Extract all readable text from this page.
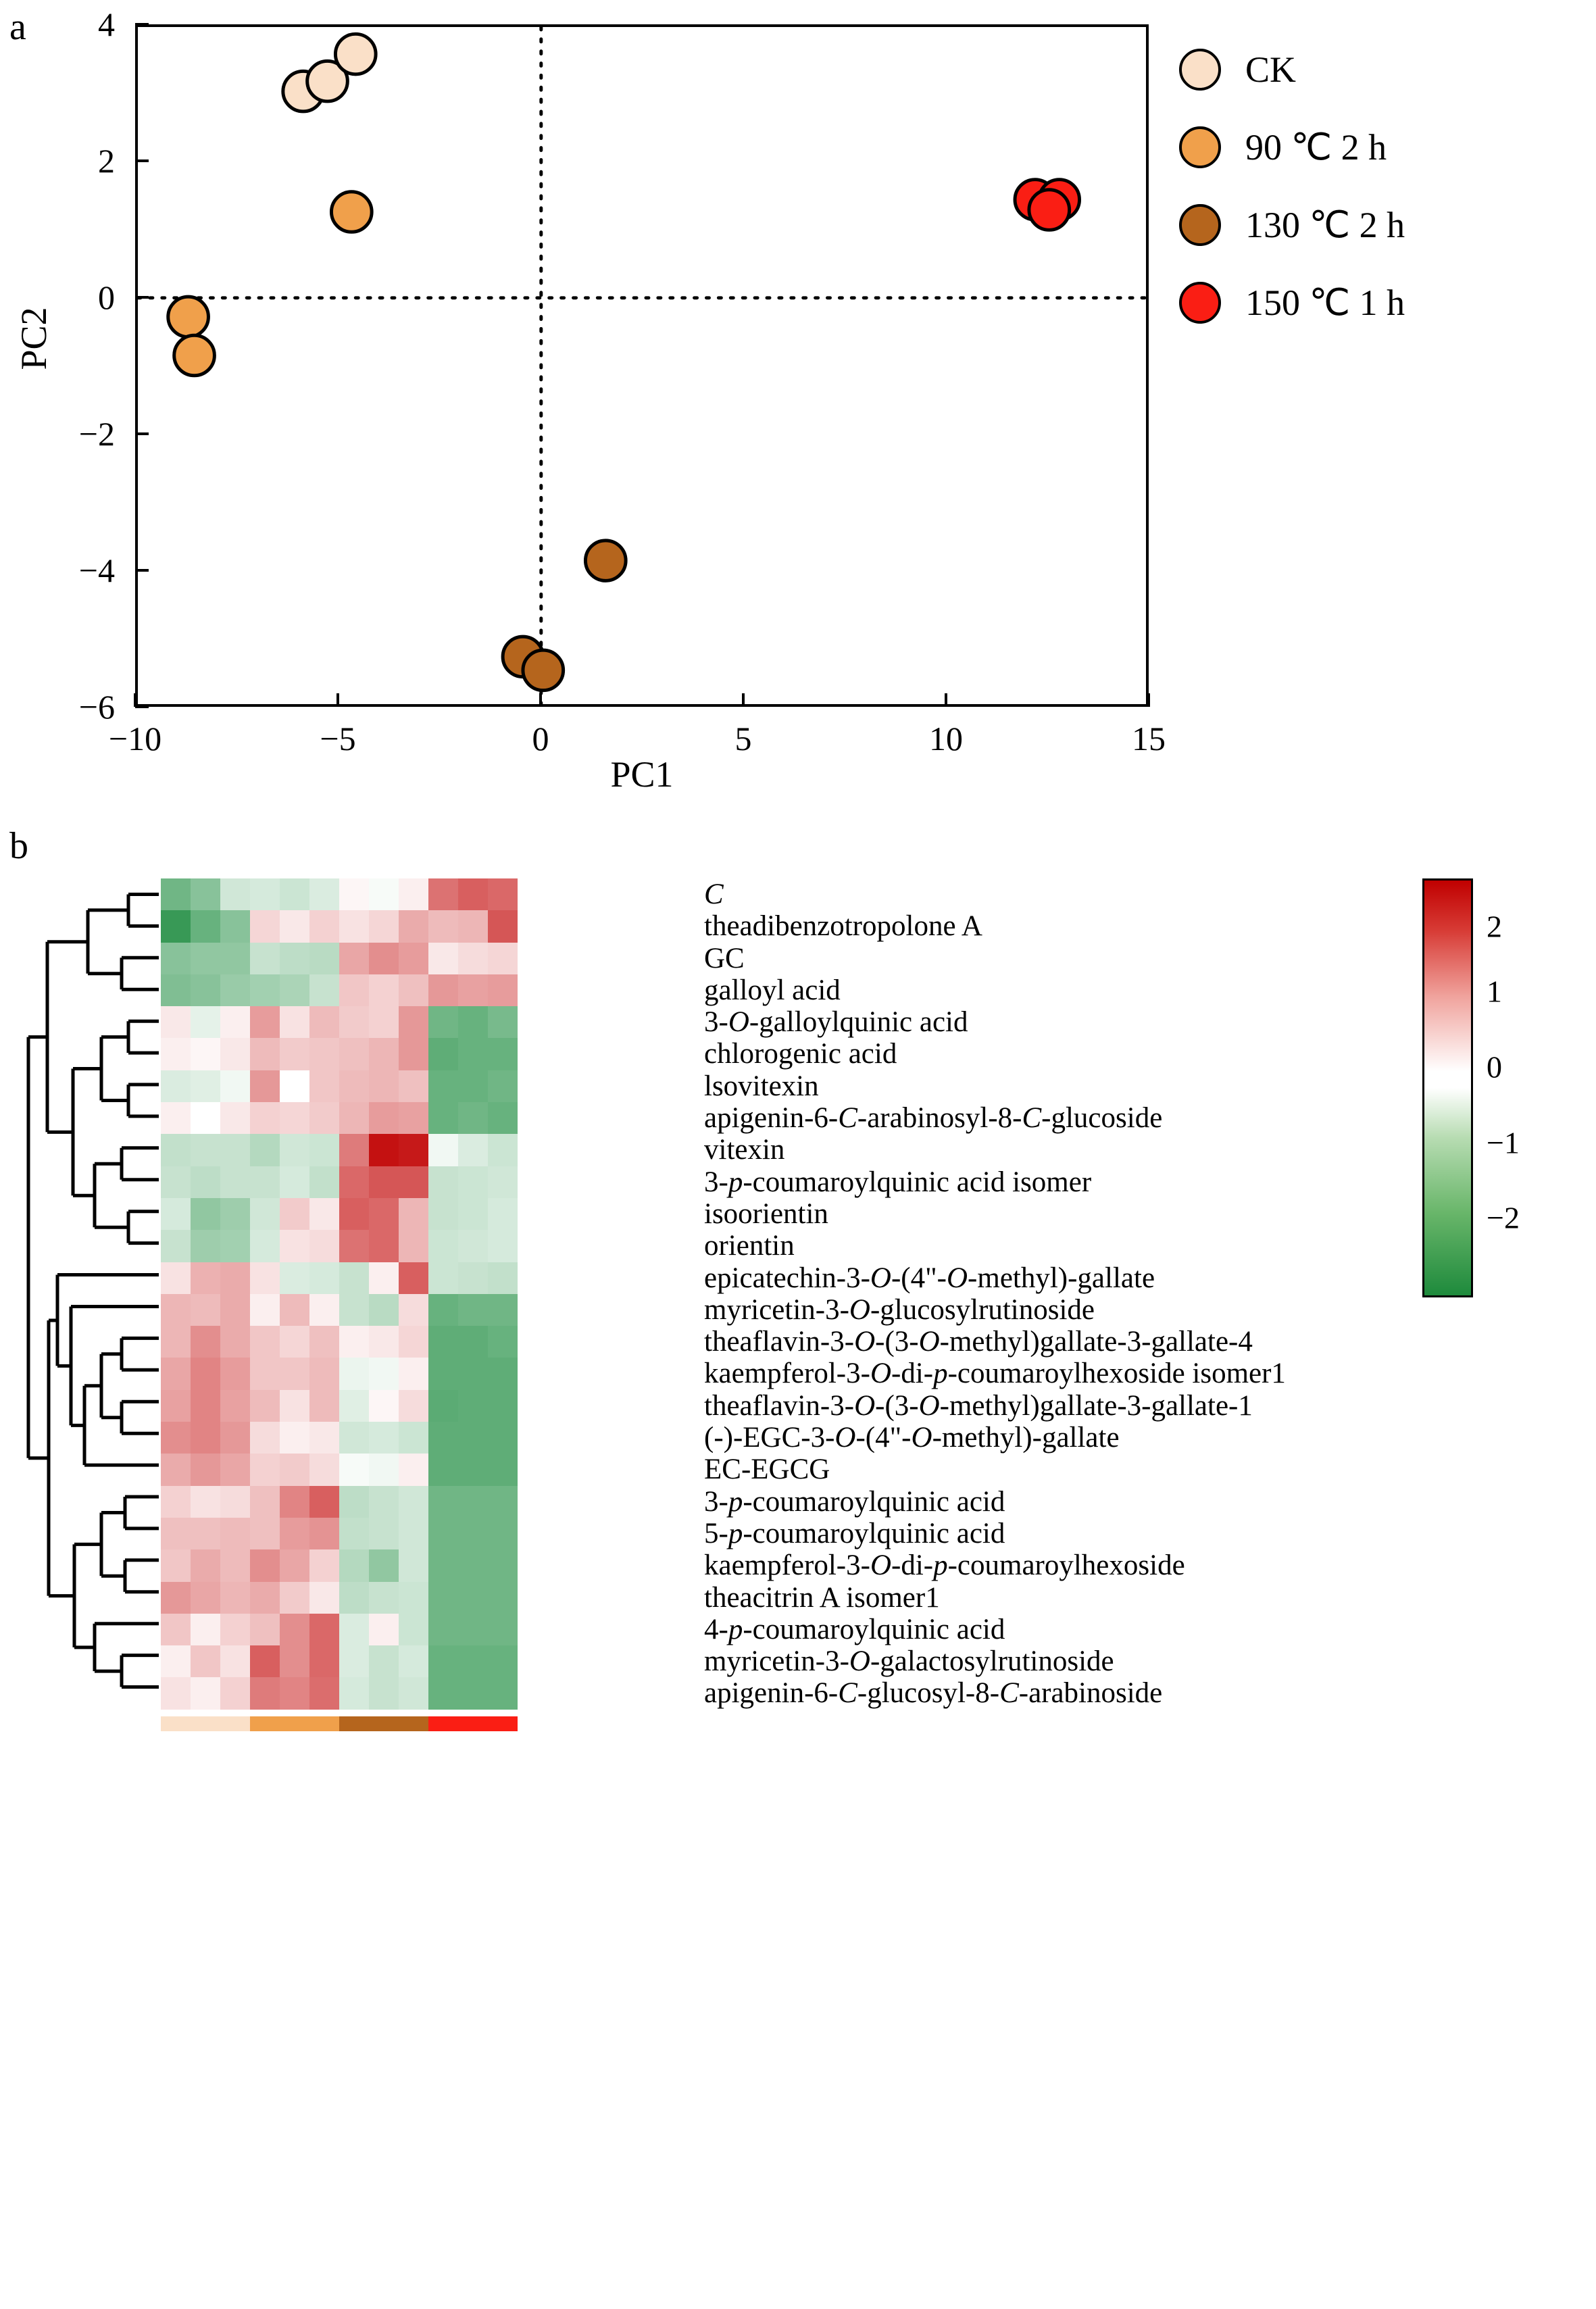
a
PC1
PC2
CK
90 ℃ 2 h
130 ℃ 2 h
150 ℃ 1 h
−10	−5	0	5	10	15
−6
−4
−2
0
2
4
b
C
theadibenzotropolone A
GC
galloyl acid
3-O-galloylquinic acid
chlorogenic acid
lsovitexin
apigenin-6-C-arabinosyl-8-C-glucoside
vitexin
3-p-coumaroylquinic acid isomer
isoorientin
orientin
epicatechin-3-O-(4"-O-methyl)-gallate
myricetin-3-O-glucosylrutinoside
theaflavin-3-O-(3-O-methyl)gallate-3-gallate-4
kaempferol-3-O-di-p-coumaroylhexoside isomer1
theaflavin-3-O-(3-O-methyl)gallate-3-gallate-1
(-)-EGC-3-O-(4"-O-methyl)-gallate
EC-EGCG
3-p-coumaroylquinic acid
5-p-coumaroylquinic acid
kaempferol-3-O-di-p-coumaroylhexoside
theacitrin A isomer1
4-p-coumaroylquinic acid
myricetin-3-O-galactosylrutinoside
apigenin-6-C-glucosyl-8-C-arabinoside
2
1
0
−1
−2
